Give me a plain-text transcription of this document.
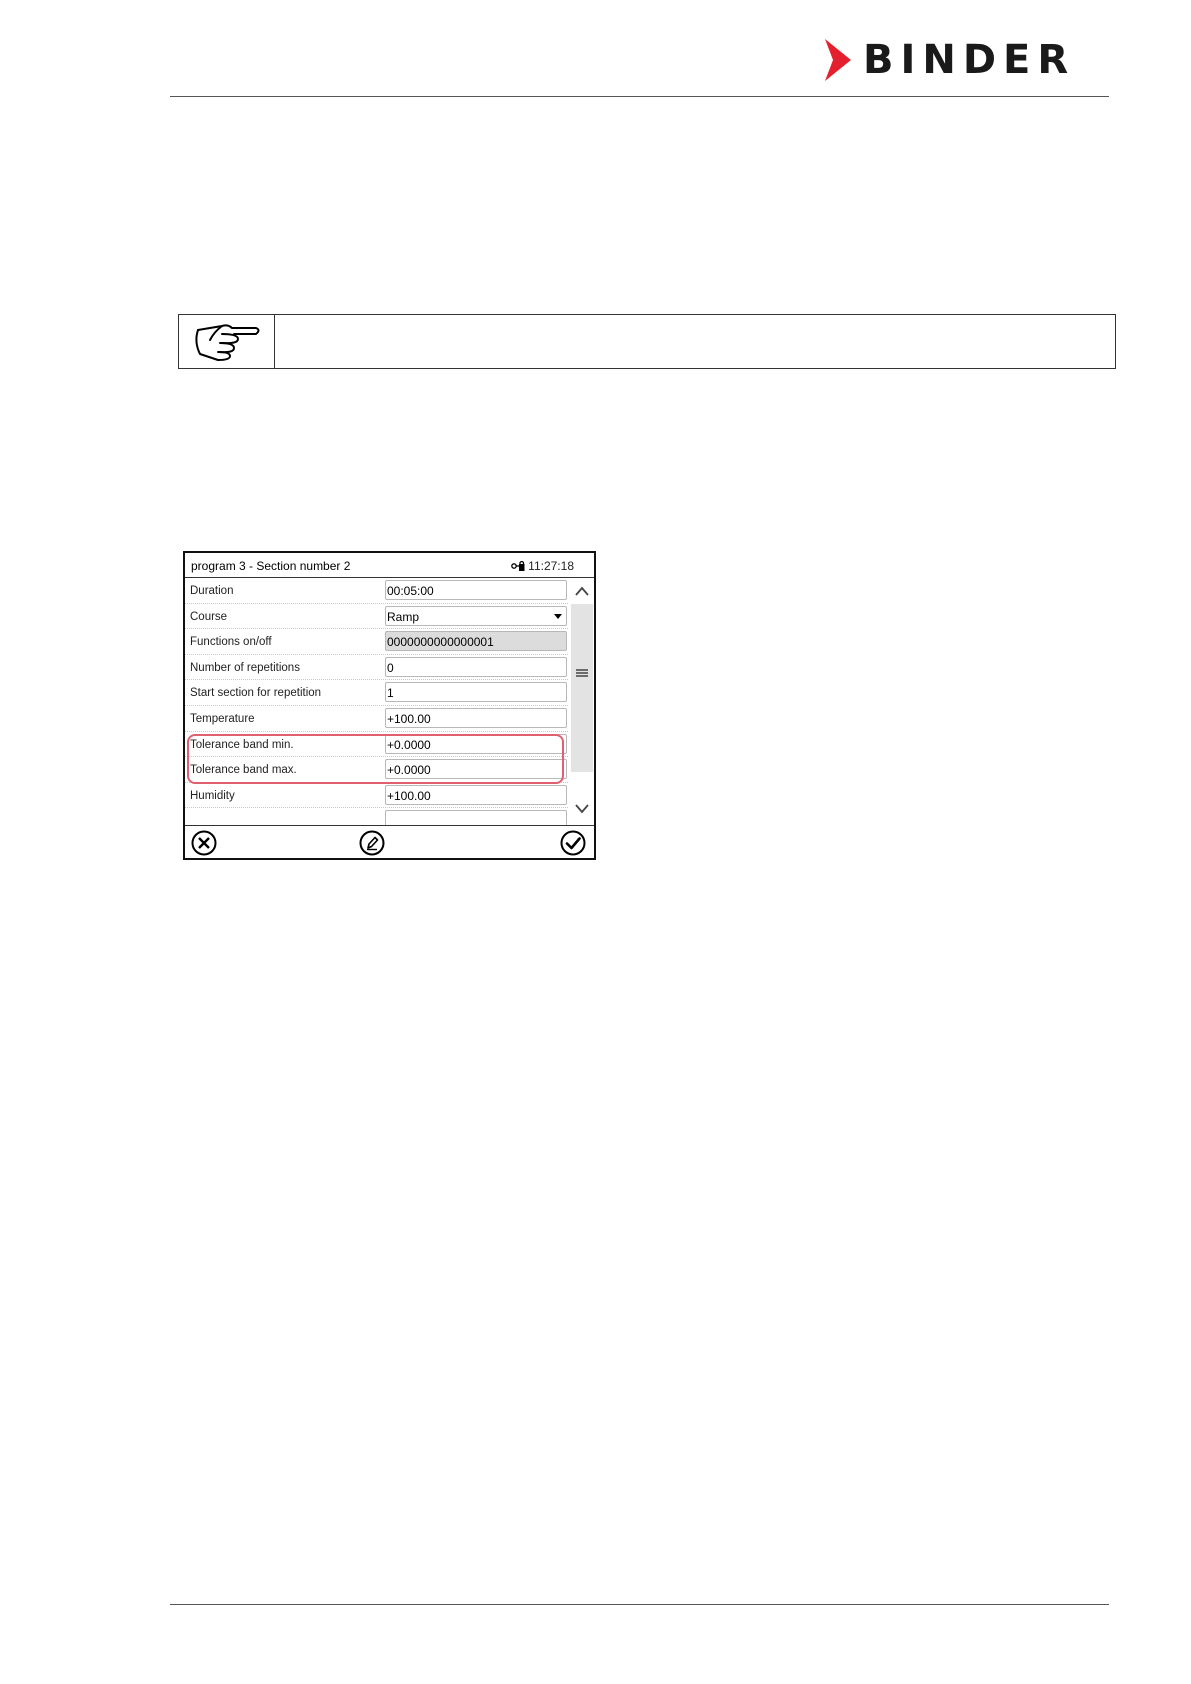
BINDER
program 3 - Section number 2	11:27:18
Duration	00:05:00
Course	Ramp
Functions on/off	0000000000000001
Number of repetitions	0
Start section for repetition	1
Temperature	+100.00
Tolerance band min.	+0.0000
Tolerance band max.	+0.0000
Humidity	+100.00
